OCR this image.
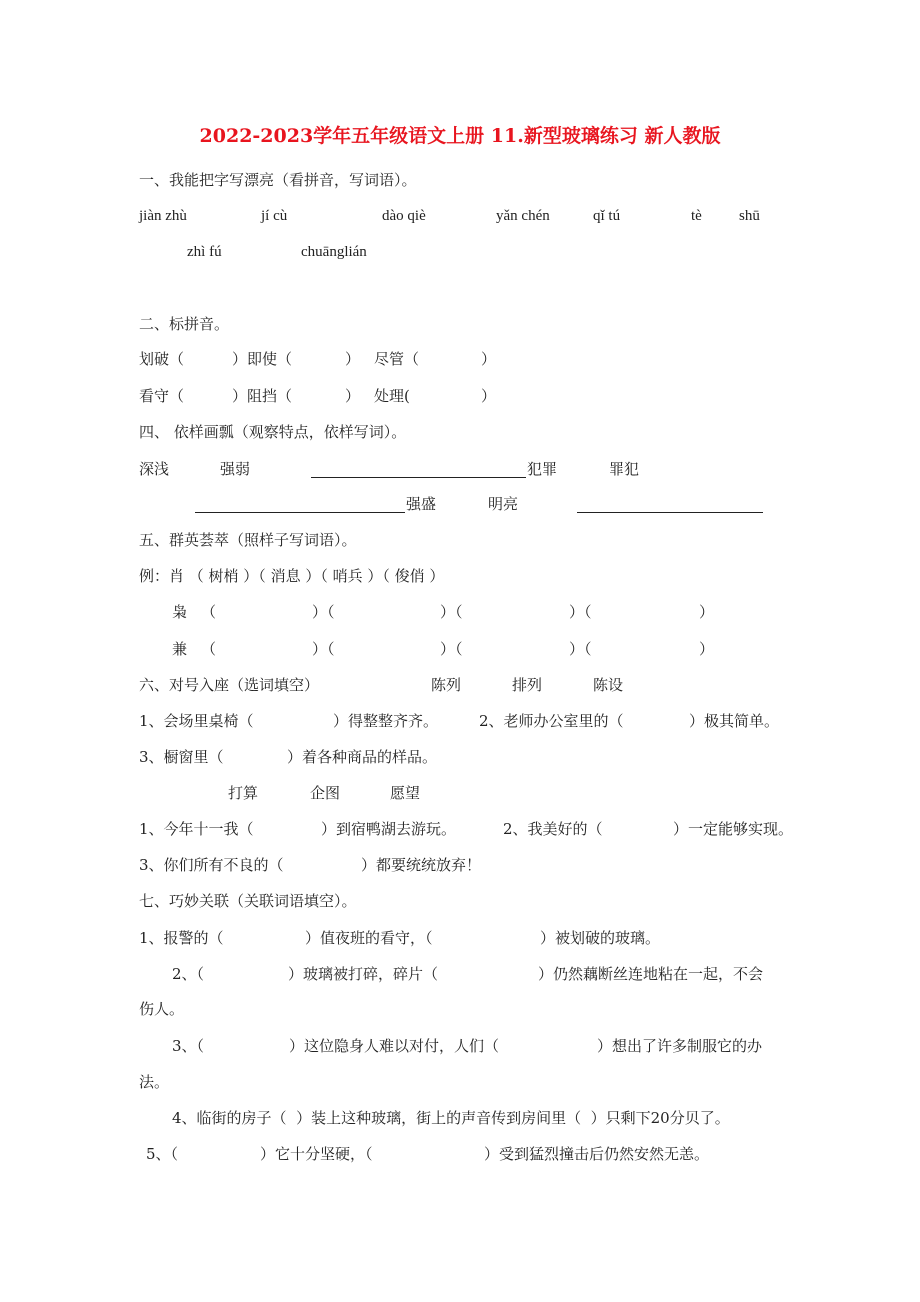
2022-2023学年五年级语文上册 11.新型玻璃练习 新人教版
一、我能把字写漂亮（看拼音，写词语）。
jiàn zhù	jí cù	dào qiè	yǎn chén	qǐ tú	tè shū
zhì fú	chuānglián
二、标拼音。
划破（	）即使（	） 尽管（	）
看守（	）阻挡（	） 处理(	）
四、 依样画瓢（观察特点，依样写词）。
深浅	强弱	犯罪	罪犯
强盛	明亮
五、群英荟萃（照样子写词语）。
例：肖 （ 树梢 ）（ 消息 ）（ 哨兵 ）（ 俊俏 ）
枭 （	）（	）（	）（	）
兼 （	）（	）（	）（	）
六、对号入座（选词填空）	陈列	排列	陈设
1、会场里桌椅（	）得整整齐齐。	2、老师办公室里的（	）极其简单。
3、橱窗里（	）着各种商品的样品。
打算	企图	愿望
1、今年十一我（	）到宿鸭湖去游玩。	2、我美好的（	）一定能够实现。
3、你们所有不良的（	）都要统统放弃！
七、巧妙关联（关联词语填空）。
1、报警的（	）值夜班的看守，（	）被划破的玻璃。
2、（	）玻璃被打碎，碎片（	）仍然藕断丝连地粘在一起，不会
伤人。
3、（	）这位隐身人难以对付，人们（	）想出了许多制服它的办
法。
4、临街的房子（  ）装上这种玻璃，街上的声音传到房间里（  ）只剩下20分贝了。
5、（	）它十分坚硬，（	）受到猛烈撞击后仍然安然无恙。
